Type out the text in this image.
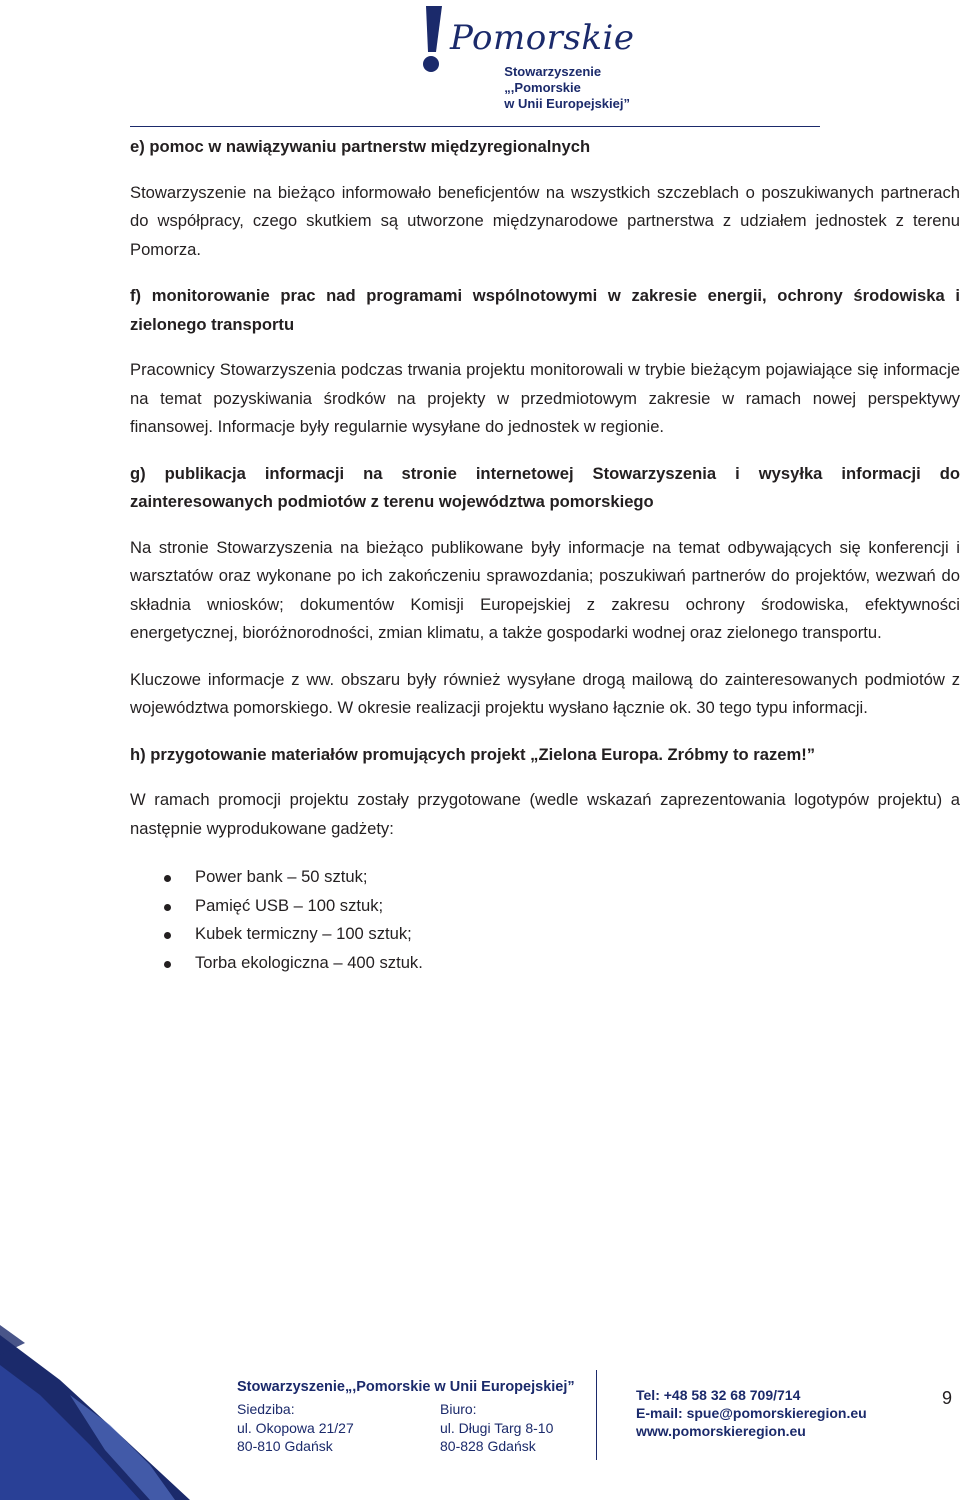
Pomorskie
Stowarzyszenie
„,Pomorskie
w Unii Europejskiej”

e) pomoc w nawiązywaniu partnerstw międzyregionalnych

Stowarzyszenie na bieżąco informowało beneficjentów na wszystkich szczeblach o poszukiwanych partnerach do współpracy, czego skutkiem są utworzone międzynarodowe partnerstwa z udziałem jednostek z terenu Pomorza.

f) monitorowanie prac nad programami wspólnotowymi w zakresie energii, ochrony środowiska i zielonego transportu

Pracownicy Stowarzyszenia podczas trwania projektu monitorowali w trybie bieżącym pojawiające się informacje na temat pozyskiwania środków na projekty w przedmiotowym zakresie w ramach nowej perspektywy finansowej. Informacje były regularnie wysyłane do jednostek w regionie.

g) publikacja informacji na stronie internetowej Stowarzyszenia i wysyłka informacji do zainteresowanych podmiotów z terenu województwa pomorskiego

Na stronie Stowarzyszenia na bieżąco publikowane były informacje na temat odbywających się konferencji i warsztatów oraz wykonane po ich zakończeniu sprawozdania; poszukiwań partnerów do projektów, wezwań do składnia wniosków; dokumentów Komisji Europejskiej z zakresu ochrony środowiska, efektywności energetycznej, bioróżnorodności, zmian klimatu, a także gospodarki wodnej oraz zielonego transportu.

Kluczowe informacje z ww. obszaru były również wysyłane drogą mailową do zainteresowanych podmiotów z województwa pomorskiego. W okresie realizacji projektu wysłano łącznie ok. 30 tego typu informacji.

h) przygotowanie materiałów promujących projekt „Zielona Europa. Zróbmy to razem!”

W ramach promocji projektu zostały przygotowane (wedle wskazań zaprezentowania logotypów projektu) a następnie wyprodukowane gadżety:

Power bank – 50 sztuk;
Pamięć USB – 100 sztuk;
Kubek termiczny – 100 sztuk;
Torba ekologiczna – 400 sztuk.
Stowarzyszenie„,Pomorskie w Unii Europejskiej”
Siedziba:
ul. Okopowa 21/27
80-810 Gdańsk
Biuro:
ul. Długi Targ 8-10
80-828 Gdańsk
Tel: +48 58 32 68 709/714
E-mail: spue@pomorskieregion.eu
www.pomorskieregion.eu
9
